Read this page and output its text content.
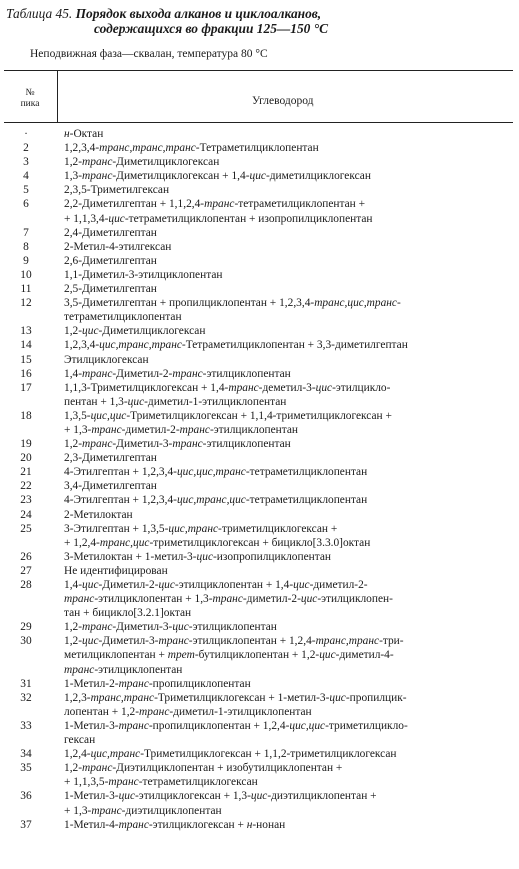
Таблица 45. Порядок выхода алканов и циклоалканов,
содержащихся во фракции 125—150 °С
Неподвижная фаза—сквалан, температура 80 °С
№
пика	Углеводород
·	н-Октан
2	1,2,3,4-транс,транс,транс-Тетраметилциклопентан
3	1,2-транс-Диметилциклогексан
4	1,3-транс-Диметилциклогексан + 1,4-цис-диметилциклогексан
5	2,3,5-Триметилгексан
6	2,2-Диметилгептан + 1,1,2,4-транс-тетраметилциклопентан +
+ 1,1,3,4-цис-тетраметилциклопентан + изопропилциклопентан
7	2,4-Диметилгептан
8	2-Метил-4-этилгексан
9	2,6-Диметилгептан
10	1,1-Диметил-3-этилциклопентан
11	2,5-Диметилгептан
12	3,5-Диметилгептан + пропилциклопентан + 1,2,3,4-транс,цис,транс-
тетраметилциклопентан
13	1,2-цис-Диметилциклогексан
14	1,2,3,4-цис,транс,транс-Тетраметилциклопентан + 3,3-диметилгептан
15	Этилциклогексан
16	1,4-транс-Диметил-2-транс-этилциклопентан
17	1,1,3-Триметилциклогексан + 1,4-транс-деметил-3-цис-этилцикло-
пентан + 1,3-цис-диметил-1-этилциклопентан
18	1,3,5-цис,цис-Триметилциклогексан + 1,1,4-триметилциклогексан +
+ 1,3-транс-диметил-2-транс-этилциклопентан
19	1,2-транс-Диметил-3-транс-этилциклопентан
20	2,3-Диметилгептан
21	4-Этилгептан + 1,2,3,4-цис,цис,транс-тетраметилциклопентан
22	3,4-Диметилгептан
23	4-Этилгептан + 1,2,3,4-цис,транс,цис-тетраметилциклопентан
24	2-Метилоктан
25	3-Этилгептан + 1,3,5-цис,транс-триметилциклогексан +
+ 1,2,4-транс,цис-триметилциклогексан + бицикло[3.3.0]октан
26	3-Метилоктан + 1-метил-3-цис-изопропилциклопентан
27	Не идентифицирован
28	1,4-цис-Диметил-2-цис-этилциклопентан + 1,4-цис-диметил-2-
транс-этилциклопентан + 1,3-транс-диметил-2-цис-этилциклопен-
тан + бицикло[3.2.1]октан
29	1,2-транс-Диметил-3-цис-этилциклопентан
30	1,2-цис-Диметил-3-транс-этилциклопентан + 1,2,4-транс,транс-три-
метилциклопентан + трет-бутилциклопентан + 1,2-цис-диметил-4-
транс-этилциклопентан
31	1-Метил-2-транс-пропилциклопентан
32	1,2,3-транс,транс-Триметилциклогексан + 1-метил-3-цис-пропилцик-
лопентан + 1,2-транс-диметил-1-этилциклопентан
33	1-Метил-3-транс-пропилциклопентан + 1,2,4-цис,цис-триметилцикло-
гексан
34	1,2,4-цис,транс-Триметилциклогексан + 1,1,2-триметилциклогексан
35	1,2-транс-Диэтилциклопентан + изобутилциклопентан +
+ 1,1,3,5-транс-тетраметилциклогексан
36	1-Метил-3-цис-этилциклогексан + 1,3-цис-диэтилциклопентан +
+ 1,3-транс-диэтилциклопентан
37	1-Метил-4-транс-этилциклогексан + н-нонан
